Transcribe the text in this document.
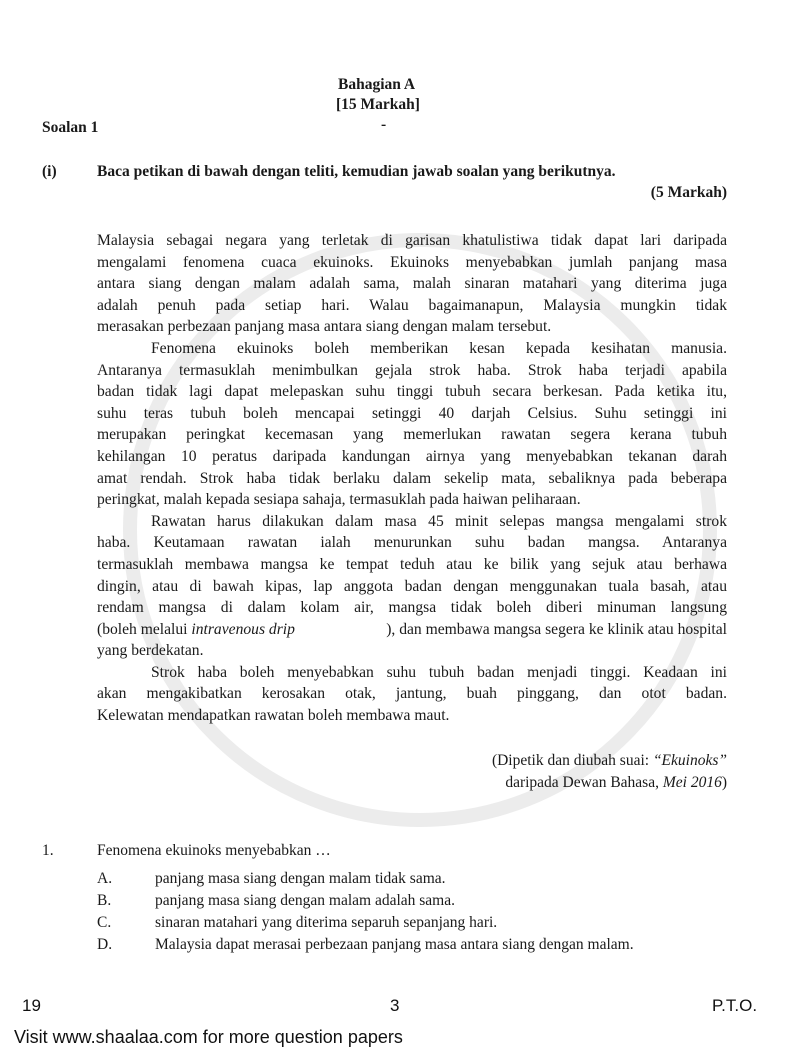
Bahagian A
[15 Markah]
-
Soalan 1
(i)	Baca petikan di bawah dengan teliti, kemudian jawab soalan yang berikutnya.
(5 Markah)
Malaysia sebagai negara yang terletak di garisan khatulistiwa tidak dapat lari daripada
mengalami fenomena cuaca ekuinoks. Ekuinoks menyebabkan jumlah panjang masa
antara siang dengan malam adalah sama, malah sinaran matahari yang diterima juga
adalah penuh pada setiap hari. Walau bagaimanapun, Malaysia mungkin tidak
merasakan perbezaan panjang masa antara siang dengan malam tersebut.
Fenomena ekuinoks boleh memberikan kesan kepada kesihatan manusia.
Antaranya termasuklah menimbulkan gejala strok haba. Strok haba terjadi apabila
badan tidak lagi dapat melepaskan suhu tinggi tubuh secara berkesan. Pada ketika itu,
suhu teras tubuh boleh mencapai setinggi 40 darjah Celsius. Suhu setinggi ini
merupakan peringkat kecemasan yang memerlukan rawatan segera kerana tubuh
kehilangan 10 peratus daripada kandungan airnya yang menyebabkan tekanan darah
amat rendah. Strok haba tidak berlaku dalam sekelip mata, sebaliknya pada beberapa
peringkat, malah kepada sesiapa sahaja, termasuklah pada haiwan peliharaan.
Rawatan harus dilakukan dalam masa 45 minit selepas mangsa mengalami strok
haba. Keutamaan rawatan ialah menurunkan suhu badan mangsa. Antaranya
termasuklah membawa mangsa ke tempat teduh atau ke bilik yang sejuk atau berhawa
dingin, atau di bawah kipas, lap anggota badan dengan menggunakan tuala basah, atau
rendam mangsa di dalam kolam air, mangsa tidak boleh diberi minuman langsung
(boleh melalui intravenous drip	), dan membawa mangsa segera ke klinik atau hospital
yang berdekatan.
Strok haba boleh menyebabkan suhu tubuh badan menjadi tinggi. Keadaan ini
akan mengakibatkan kerosakan otak, jantung, buah pinggang, dan otot badan.
Kelewatan mendapatkan rawatan boleh membawa maut.
(Dipetik dan diubah suai: “Ekuinoks”
daripada Dewan Bahasa, Mei 2016)
1.	Fenomena ekuinoks menyebabkan …
A.	panjang masa siang dengan malam tidak sama.
B.	panjang masa siang dengan malam adalah sama.
C.	sinaran matahari yang diterima separuh sepanjang hari.
D.	Malaysia dapat merasai perbezaan panjang masa antara siang dengan malam.
19	3	P.T.O.
Visit www.shaalaa.com for more question papers
